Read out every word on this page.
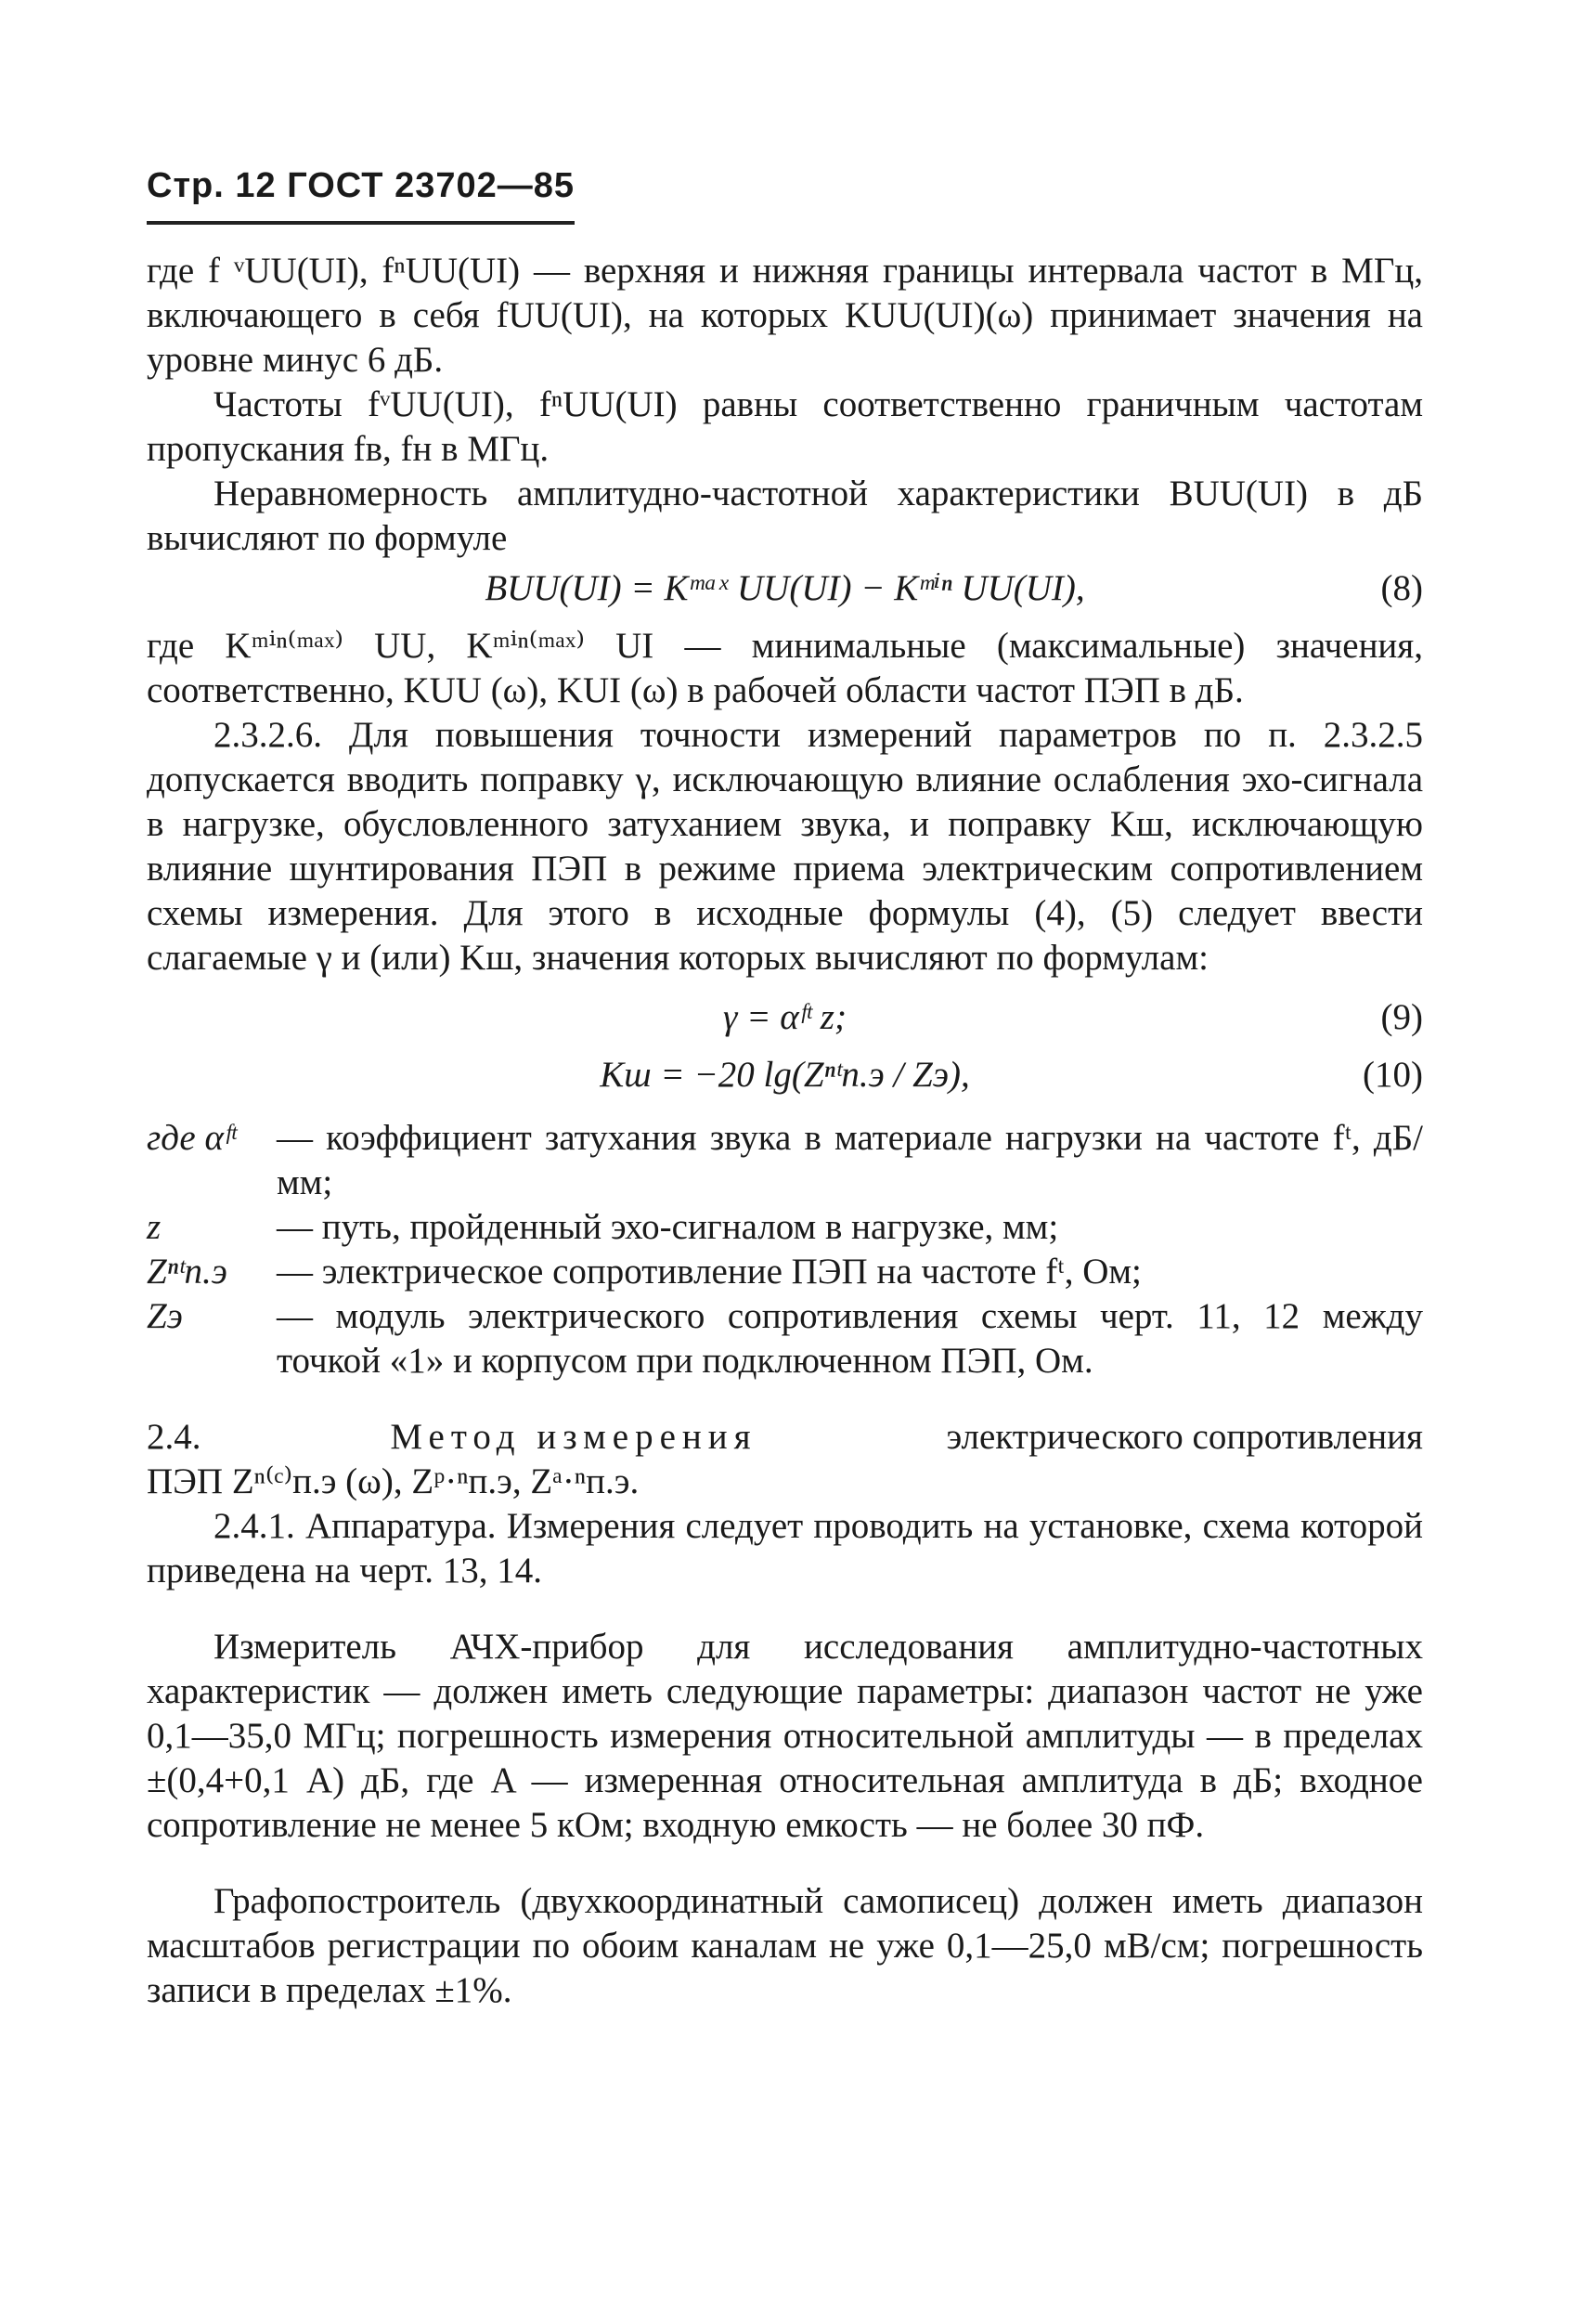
Стр. 12 ГОСТ 23702—85

где f ᵛUU(UI), fⁿUU(UI) — верхняя и нижняя границы интервала частот в МГц, включающего в себя fUU(UI), на которых KUU(UI)(ω) принимает значения на уровне минус 6 дБ.

Частоты fᵛUU(UI), fⁿUU(UI) равны соответственно граничным частотам пропускания fв, fн в МГц.

Неравномерность амплитудно-частотной характеристики BUU(UI) в дБ вычисляют по формуле

BUU(UI) = Kᵐᵃˣ UU(UI) − Kᵐⁱⁿ UU(UI),	(8)

где Kᵐⁱⁿ⁽ᵐᵃˣ⁾ UU, Kᵐⁱⁿ⁽ᵐᵃˣ⁾ UI — минимальные (максимальные) значения, соответственно, KUU (ω), KUI (ω) в рабочей области частот ПЭП в дБ.

2.3.2.6. Для повышения точности измерений параметров по п. 2.3.2.5 допускается вводить поправку γ, исключающую влияние ослабления эхо-сигнала в нагрузке, обусловленного затуханием звука, и поправку Kш, исключающую влияние шунтирования ПЭП в режиме приема электрическим сопротивлением схемы измерения. Для этого в исходные формулы (4), (5) следует ввести слагаемые γ и (или) Kш, значения которых вычисляют по формулам:

γ = αᶠᵗ z;	(9)
Kш = −20 lg(Zⁿᵗп.э / Zэ),	(10)
где αᶠᵗ	— коэффициент затухания звука в материале нагрузки на частоте fᵗ, дБ/мм;
z	— путь, пройденный эхо-сигналом в нагрузке, мм;
Zⁿᵗп.э	— электрическое сопротивление ПЭП на частоте fᵗ, Ом;
Zэ	— модуль электрического сопротивления схемы черт. 11, 12 между точкой «1» и корпусом при подключенном ПЭП, Ом.
2.4.	Метод измерения	электрического сопротивления
ПЭП Zⁿ⁽ᶜ⁾п.э (ω), Zᵖ·ⁿп.э, Zᵃ·ⁿп.э.

2.4.1. Аппаратура. Измерения следует проводить на установке, схема которой приведена на черт. 13, 14.

Измеритель АЧХ-прибор для исследования амплитудно-частотных характеристик — должен иметь следующие параметры: диапазон частот не уже 0,1—35,0 МГц; погрешность измерения относительной амплитуды — в пределах ±(0,4+0,1 A) дБ, где A — измеренная относительная амплитуда в дБ; входное сопротивление не менее 5 кОм; входную емкость — не более 30 пФ.

Графопостроитель (двухкоординатный самописец) должен иметь диапазон масштабов регистрации по обоим каналам не уже 0,1—25,0 мВ/см; погрешность записи в пределах ±1%.
